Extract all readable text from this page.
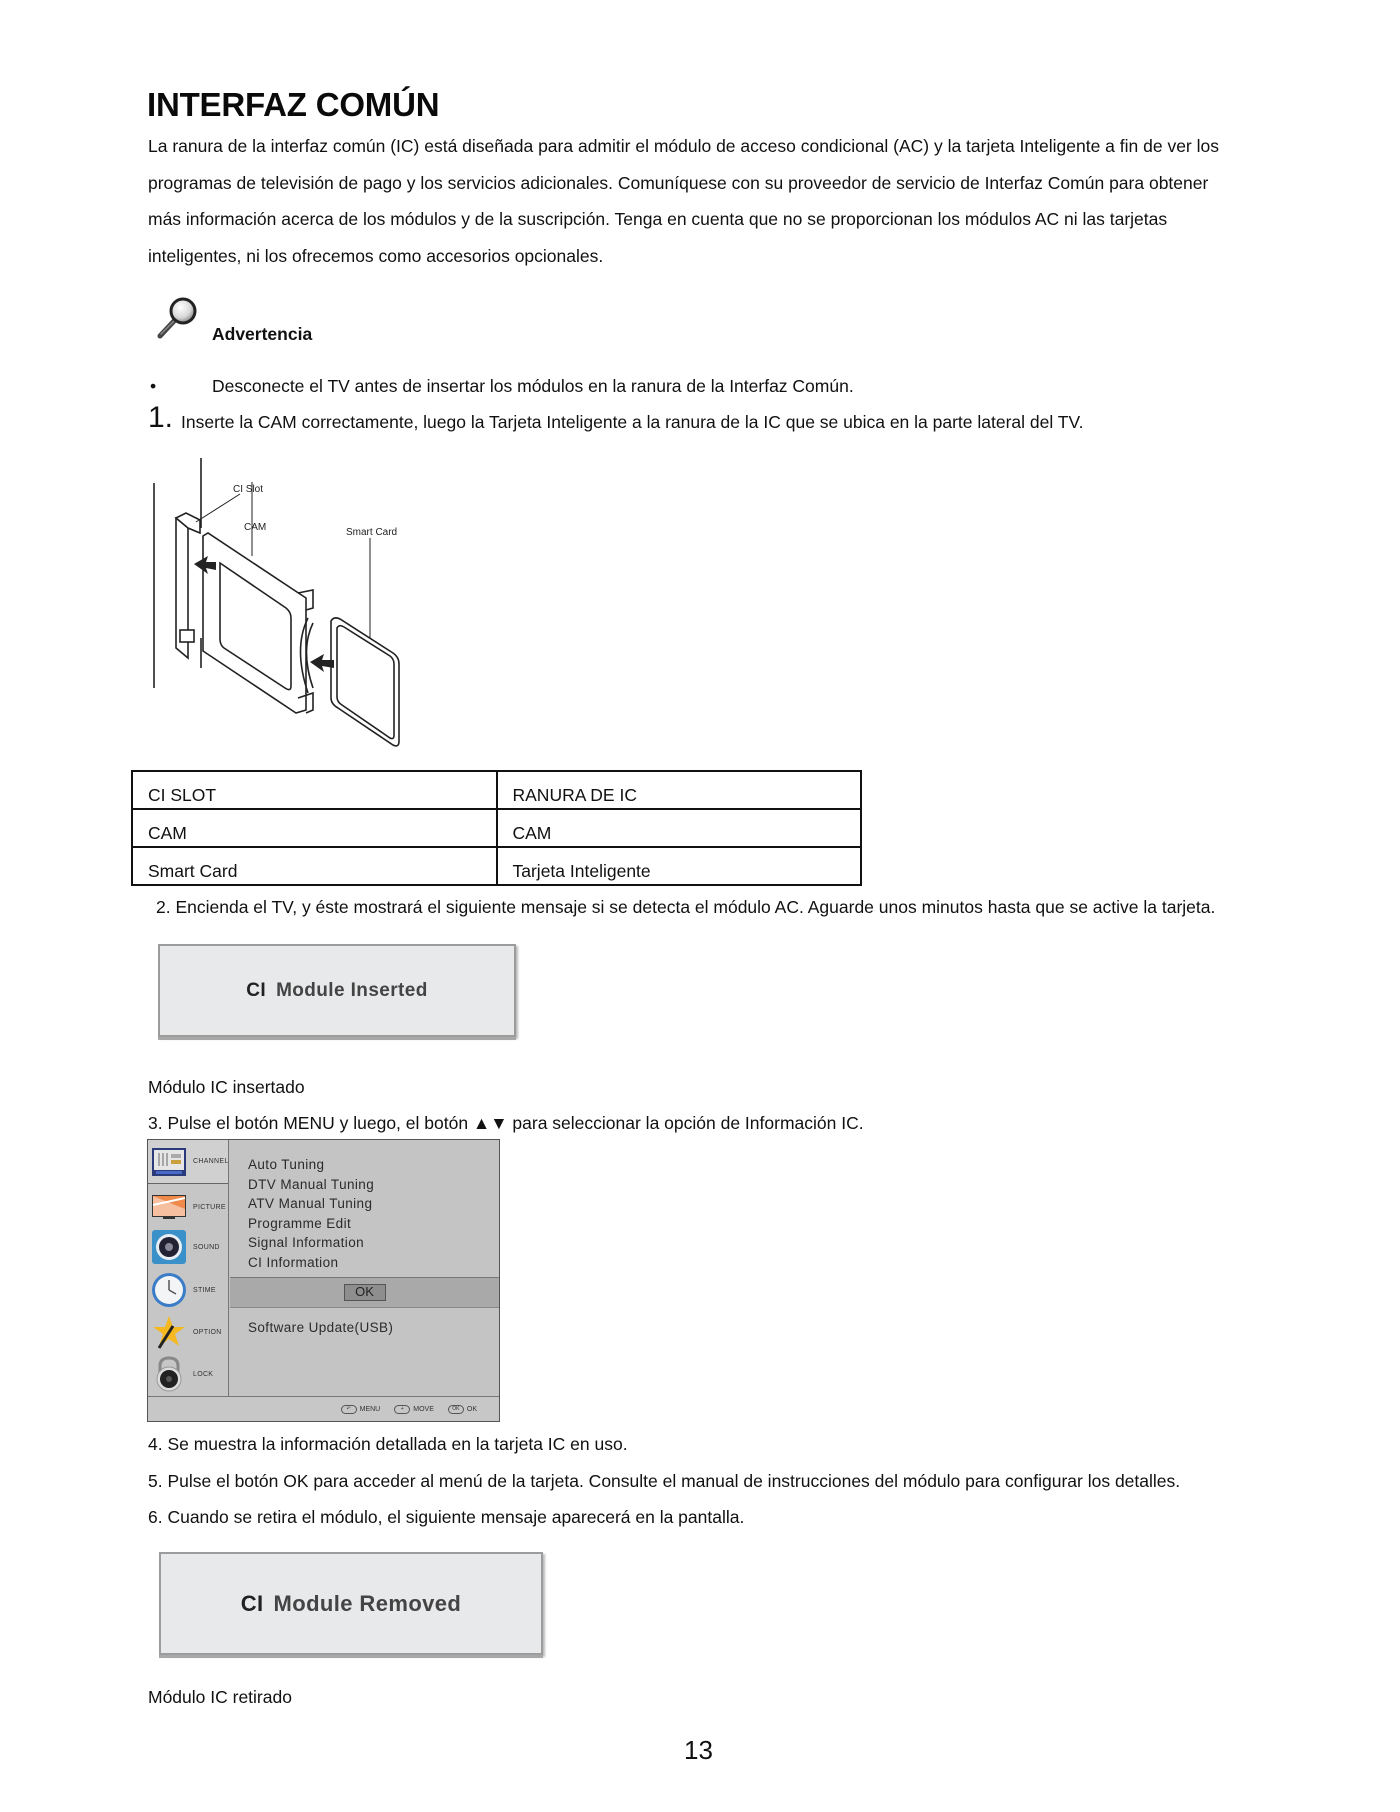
INTERFAZ COMÚN
La ranura de la interfaz común (IC) está diseñada para admitir el módulo de acceso condicional (AC) y la tarjeta Inteligente a fin de ver los
programas de televisión de pago y los servicios adicionales. Comuníquese con su proveedor de servicio de Interfaz Común para obtener
más información acerca de los módulos y de la suscripción. Tenga en cuenta que no se proporcionan los módulos AC ni las tarjetas
inteligentes, ni los ofrecemos como accesorios opcionales.
Advertencia
•	Desconecte el TV antes de insertar los módulos en la ranura de la Interfaz Común.
1. Inserte la CAM correctamente, luego la Tarjeta Inteligente a la ranura de la IC que se ubica en la parte lateral del TV.
CI Slot
CAM	Smart Card
CI SLOT	RANURA DE IC
CAM	CAM
Smart Card	Tarjeta Inteligente
2. Encienda el TV, y éste mostrará el siguiente mensaje si se detecta el módulo AC. Aguarde unos minutos hasta que se active la tarjeta.
CI Module Inserted
Módulo IC insertado
3. Pulse el botón MENU y luego, el botón ▲▼ para seleccionar la opción de Información IC.
CHANNEL
PICTURE
SOUND
STIME
OPTION
LOCK
Auto Tuning
DTV Manual Tuning
ATV Manual Tuning
Programme Edit
Signal Information
CI Information
OK
Software Update(USB)
↶	MENU	+	MOVE	OK	OK
4. Se muestra la información detallada en la tarjeta IC en uso.
5. Pulse el botón OK para acceder al menú de la tarjeta. Consulte el manual de instrucciones del módulo para configurar los detalles.
6. Cuando se retira el módulo, el siguiente mensaje aparecerá en la pantalla.
CI Module Removed
Módulo IC retirado
13
